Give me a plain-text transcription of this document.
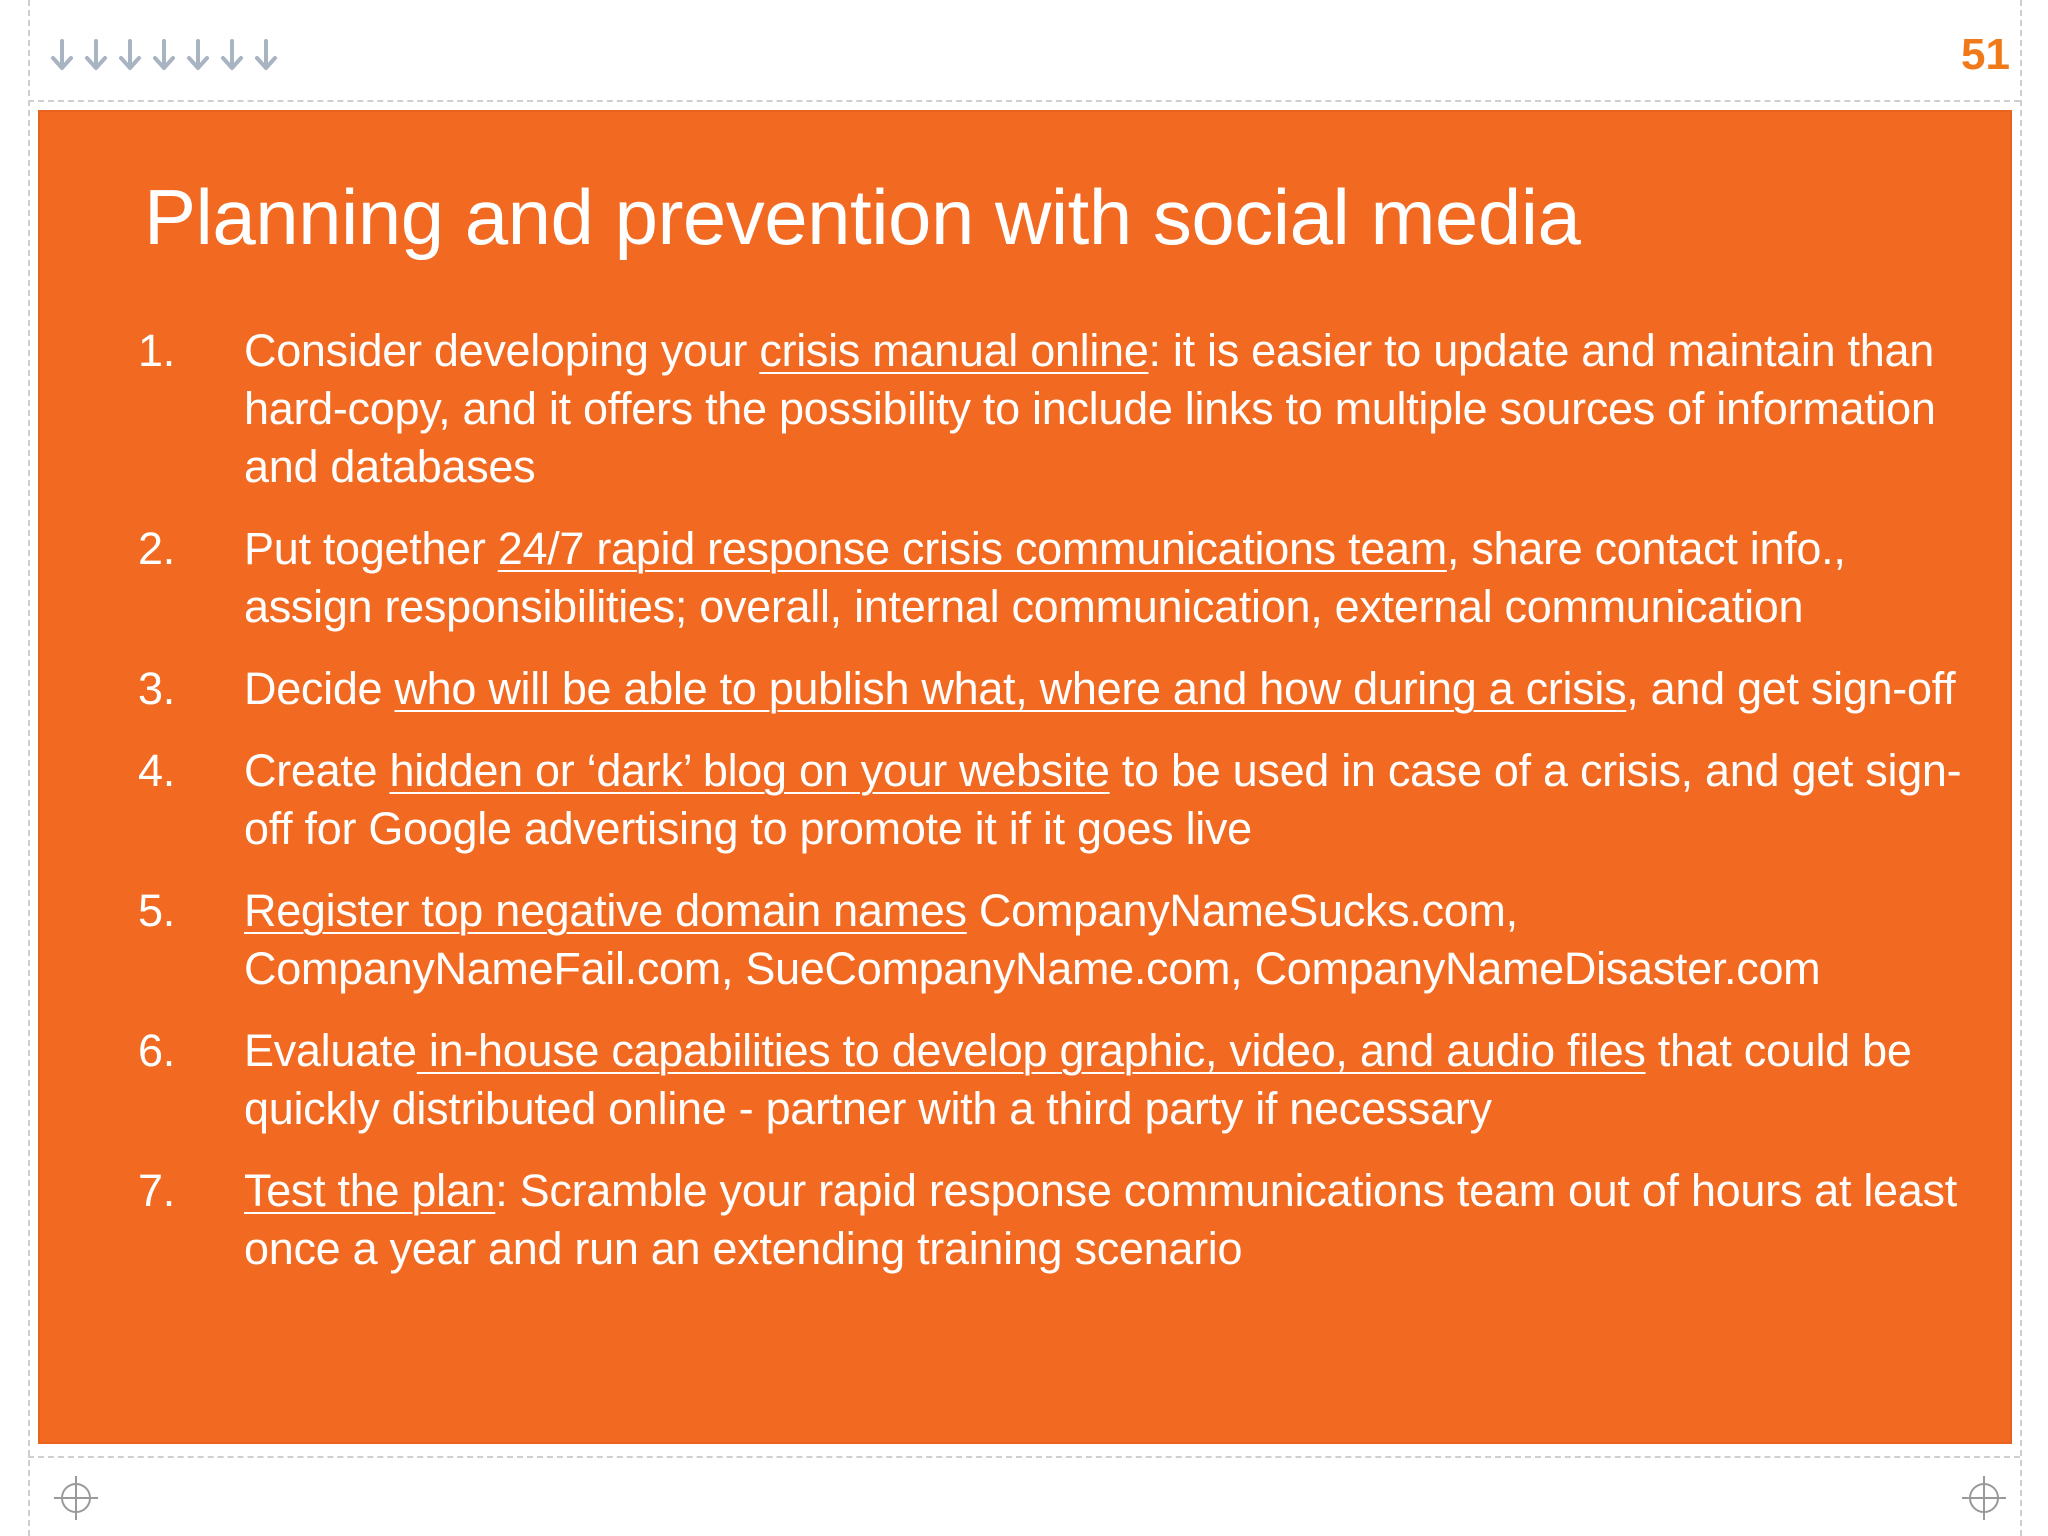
51
Planning and prevention with social media
1.	Consider developing your crisis manual online: it is easier to update and maintain than hard-copy, and it offers the possibility to include links to multiple sources of information and databases
2.	Put together 24/7 rapid response crisis communications team, share contact info., assign responsibilities; overall, internal communication, external communication
3.	Decide who will be able to publish what, where and how during a crisis, and get sign-off
4.	Create hidden or ‘dark’ blog on your website to be used in case of a crisis, and get sign-off for Google advertising to promote it if it goes live
5.	Register top negative domain names CompanyNameSucks.com, CompanyNameFail.com, SueCompanyName.com, CompanyNameDisaster.com
6.	Evaluate in-house capabilities to develop graphic, video, and audio files that could be quickly distributed online - partner with a third party if necessary
7.	Test the plan: Scramble your rapid response communications team out of hours at least once a year and run an extending training scenario
